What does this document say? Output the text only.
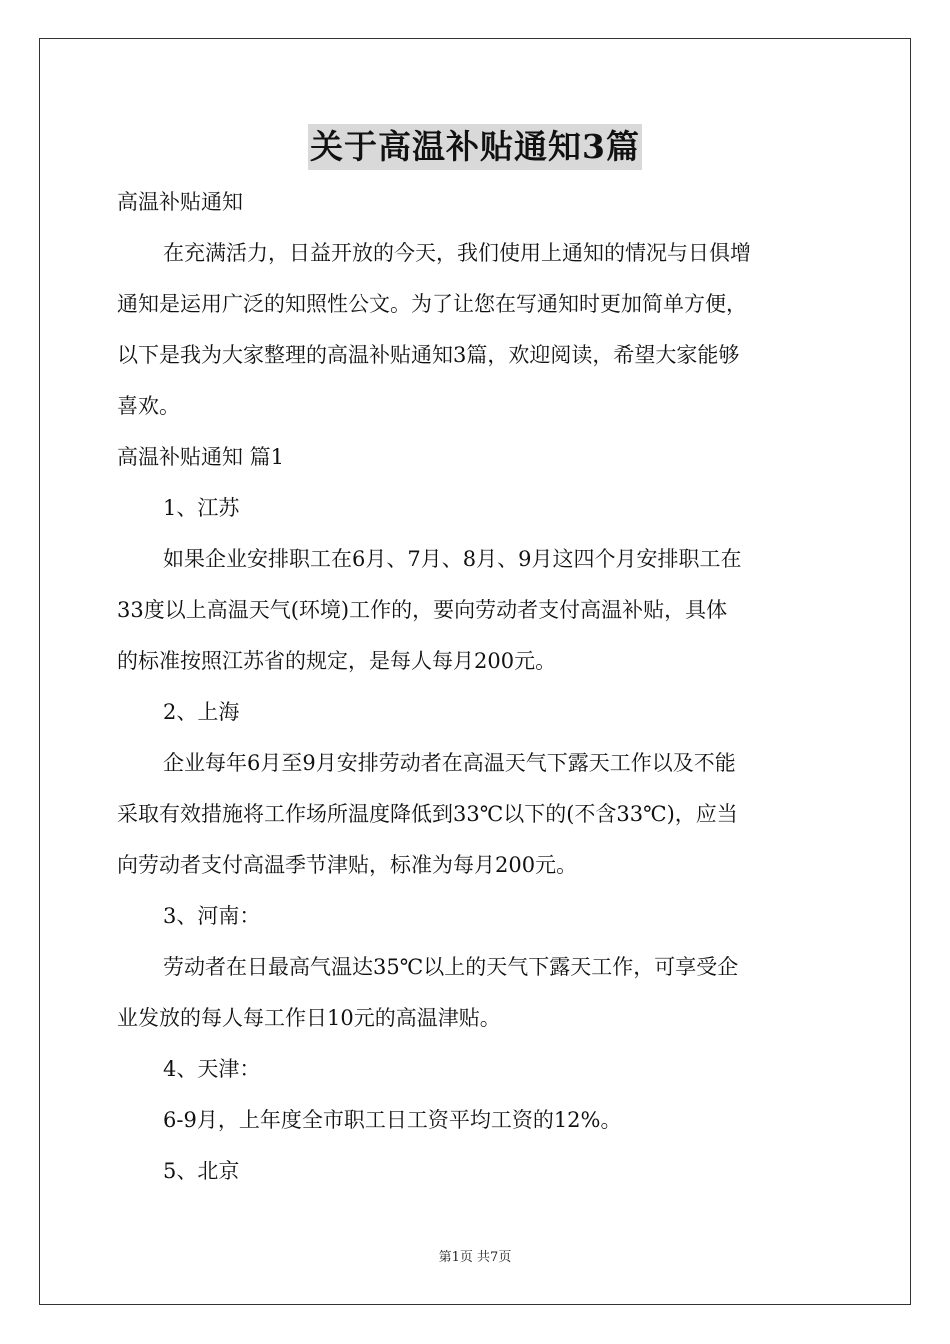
关于高温补贴通知3篇

高温补贴通知

在充满活力，日益开放的今天，我们使用上通知的情况与日俱增

通知是运用广泛的知照性公文。为了让您在写通知时更加简单方便，

以下是我为大家整理的高温补贴通知3篇，欢迎阅读，希望大家能够

喜欢。

高温补贴通知 篇1

1、江苏

如果企业安排职工在6月、7月、8月、9月这四个月安排职工在

33度以上高温天气(环境)工作的，要向劳动者支付高温补贴，具体

的标准按照江苏省的规定，是每人每月200元。

2、上海

企业每年6月至9月安排劳动者在高温天气下露天工作以及不能

采取有效措施将工作场所温度降低到33℃以下的(不含33℃)，应当

向劳动者支付高温季节津贴，标准为每月200元。

3、河南：

劳动者在日最高气温达35℃以上的天气下露天工作，可享受企

业发放的每人每工作日10元的高温津贴。

4、天津：

6-9月，上年度全市职工日工资平均工资的12%。

5、北京

第1页 共7页
